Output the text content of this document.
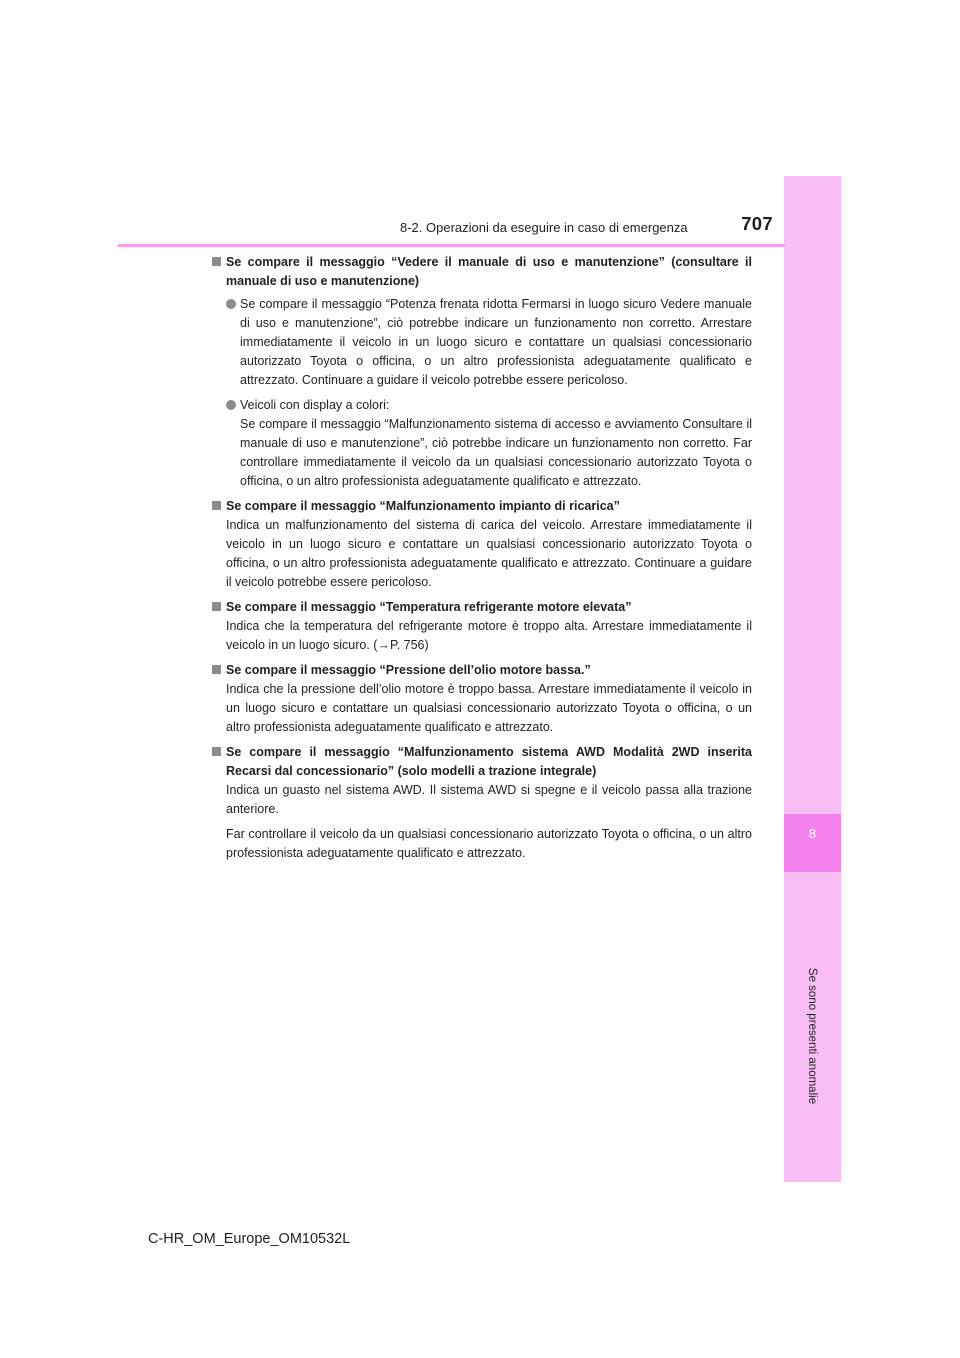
8
Se sono presenti anomalie
8-2. Operazioni da eseguire in caso di emergenza	707
Se compare il messaggio “Vedere il manuale di uso e manutenzione” (consultare il manuale di uso e manutenzione)
Se compare il messaggio “Potenza frenata ridotta Fermarsi in luogo sicuro Vedere manuale di uso e manutenzione”, ciò potrebbe indicare un funzionamento non corretto. Arrestare immediatamente il veicolo in un luogo sicuro e contattare un qualsiasi concessionario autorizzato Toyota o officina, o un altro professionista adeguatamente qualificato e attrezzato. Continuare a guidare il veicolo potrebbe essere pericoloso.
Veicoli con display a colori:
Se compare il messaggio “Malfunzionamento sistema di accesso e avviamento Consultare il manuale di uso e manutenzione”, ciò potrebbe indicare un funzionamento non corretto. Far controllare immediatamente il veicolo da un qualsiasi concessionario autorizzato Toyota o officina, o un altro professionista adeguatamente qualificato e attrezzato.
Se compare il messaggio “Malfunzionamento impianto di ricarica”

Indica un malfunzionamento del sistema di carica del veicolo. Arrestare immediatamente il veicolo in un luogo sicuro e contattare un qualsiasi concessionario autorizzato Toyota o officina, o un altro professionista adeguatamente qualificato e attrezzato. Continuare a guidare il veicolo potrebbe essere pericoloso.

Se compare il messaggio “Temperatura refrigerante motore elevata”

Indica che la temperatura del refrigerante motore è troppo alta. Arrestare immediatamente il veicolo in un luogo sicuro. (→P. 756)

Se compare il messaggio “Pressione dell’olio motore bassa.”

Indica che la pressione dell’olio motore è troppo bassa. Arrestare immediatamente il veicolo in un luogo sicuro e contattare un qualsiasi concessionario autorizzato Toyota o officina, o un altro professionista adeguatamente qualificato e attrezzato.

Se compare il messaggio “Malfunzionamento sistema AWD Modalità 2WD inserita Recarsi dal concessionario” (solo modelli a trazione integrale)

Indica un guasto nel sistema AWD. Il sistema AWD si spegne e il veicolo passa alla trazione anteriore.

Far controllare il veicolo da un qualsiasi concessionario autorizzato Toyota o officina, o un altro professionista adeguatamente qualificato e attrezzato.

C-HR_OM_Europe_OM10532L
